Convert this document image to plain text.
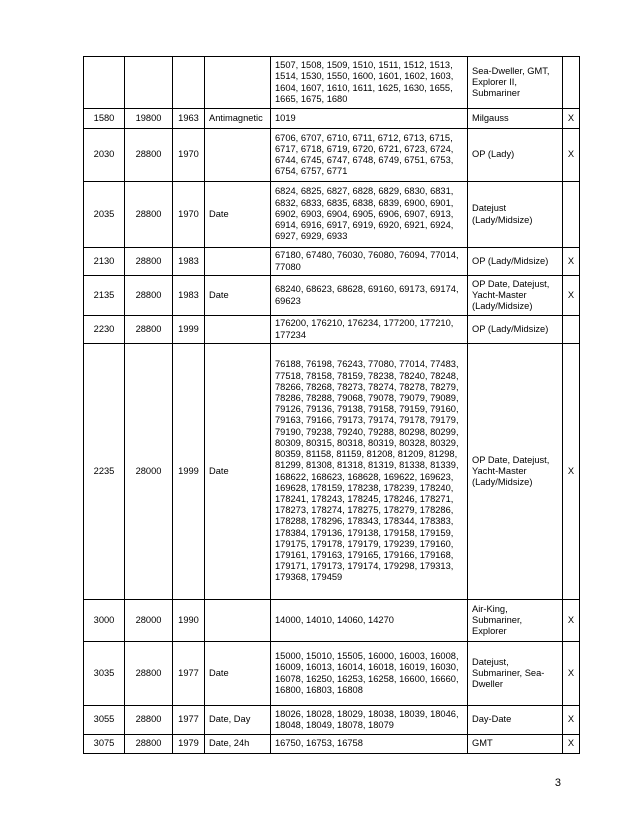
				1507, 1508, 1509, 1510, 1511, 1512, 1513, 1514, 1530, 1550, 1600, 1601, 1602, 1603, 1604, 1607, 1610, 1611, 1625, 1630, 1655, 1665, 1675, 1680	Sea-Dweller, GMT, Explorer II, Submariner	
1580	19800	1963	Antimagnetic	1019	Milgauss	X
2030	28800	1970		6706, 6707, 6710, 6711, 6712, 6713, 6715, 6717, 6718, 6719, 6720, 6721, 6723, 6724, 6744, 6745, 6747, 6748, 6749, 6751, 6753, 6754, 6757, 6771	OP (Lady)	X
2035	28800	1970	Date	6824, 6825, 6827, 6828, 6829, 6830, 6831, 6832, 6833, 6835, 6838, 6839, 6900, 6901, 6902, 6903, 6904, 6905, 6906, 6907, 6913, 6914, 6916, 6917, 6919, 6920, 6921, 6924, 6927, 6929, 6933	Datejust (Lady/Midsize)	
2130	28800	1983		67180, 67480, 76030, 76080, 76094, 77014, 77080	OP (Lady/Midsize)	X
2135	28800	1983	Date	68240, 68623, 68628, 69160, 69173, 69174, 69623	OP Date, Datejust, Yacht-Master (Lady/Midsize)	X
2230	28800	1999		176200, 176210, 176234, 177200, 177210, 177234	OP (Lady/Midsize)	
2235	28000	1999	Date	76188, 76198, 76243, 77080, 77014, 77483, 77518, 78158, 78159, 78238, 78240, 78248, 78266, 78268, 78273, 78274, 78278, 78279, 78286, 78288, 79068, 79078, 79079, 79089, 79126, 79136, 79138, 79158, 79159, 79160, 79163, 79166, 79173, 79174, 79178, 79179, 79190, 79238, 79240, 79288, 80298, 80299, 80309, 80315, 80318, 80319, 80328, 80329, 80359, 81158, 81159, 81208, 81209, 81298, 81299, 81308, 81318, 81319, 81338, 81339, 168622, 168623, 168628, 169622, 169623, 169628, 178159, 178238, 178239, 178240, 178241, 178243, 178245, 178246, 178271, 178273, 178274, 178275, 178279, 178286, 178288, 178296, 178343, 178344, 178383, 178384, 179136, 179138, 179158, 179159, 179175, 179178, 179179, 179239, 179160, 179161, 179163, 179165, 179166, 179168, 179171, 179173, 179174, 179298, 179313, 179368, 179459	OP Date, Datejust, Yacht-Master (Lady/Midsize)	X
3000	28000	1990		14000, 14010, 14060, 14270	Air-King, Submariner, Explorer	X
3035	28800	1977	Date	15000, 15010, 15505, 16000, 16003, 16008, 16009, 16013, 16014, 16018, 16019, 16030, 16078, 16250, 16253, 16258, 16600, 16660, 16800, 16803, 16808	Datejust, Submariner, Sea-Dweller	X
3055	28800	1977	Date, Day	18026, 18028, 18029, 18038, 18039, 18046, 18048, 18049, 18078, 18079	Day-Date	X
3075	28800	1979	Date, 24h	16750, 16753, 16758	GMT	X
3
